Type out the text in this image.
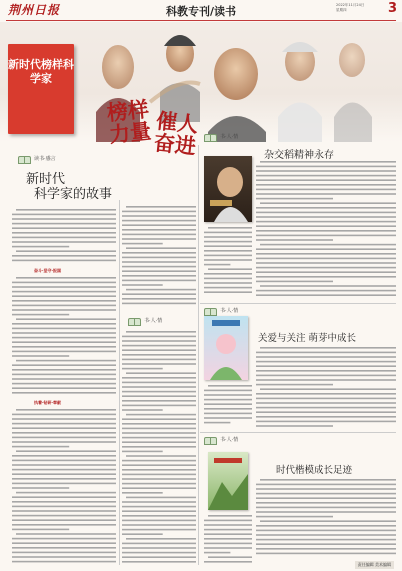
荆州日报	科教专刊/读书	2022年11月24日
星期四	3
新时代榜样科学家
榜样力量 催人奋进
读书·感言
新时代
科学家的故事
奋斗·坚守·报国
执着·钻研·奉献
书·人·情
书·人·情
杂交稻精神永存
书·人·情
关爱与关注 萌芽中成长
书·人·情
时代楷模成长足迹
责任编辑 美术编辑
